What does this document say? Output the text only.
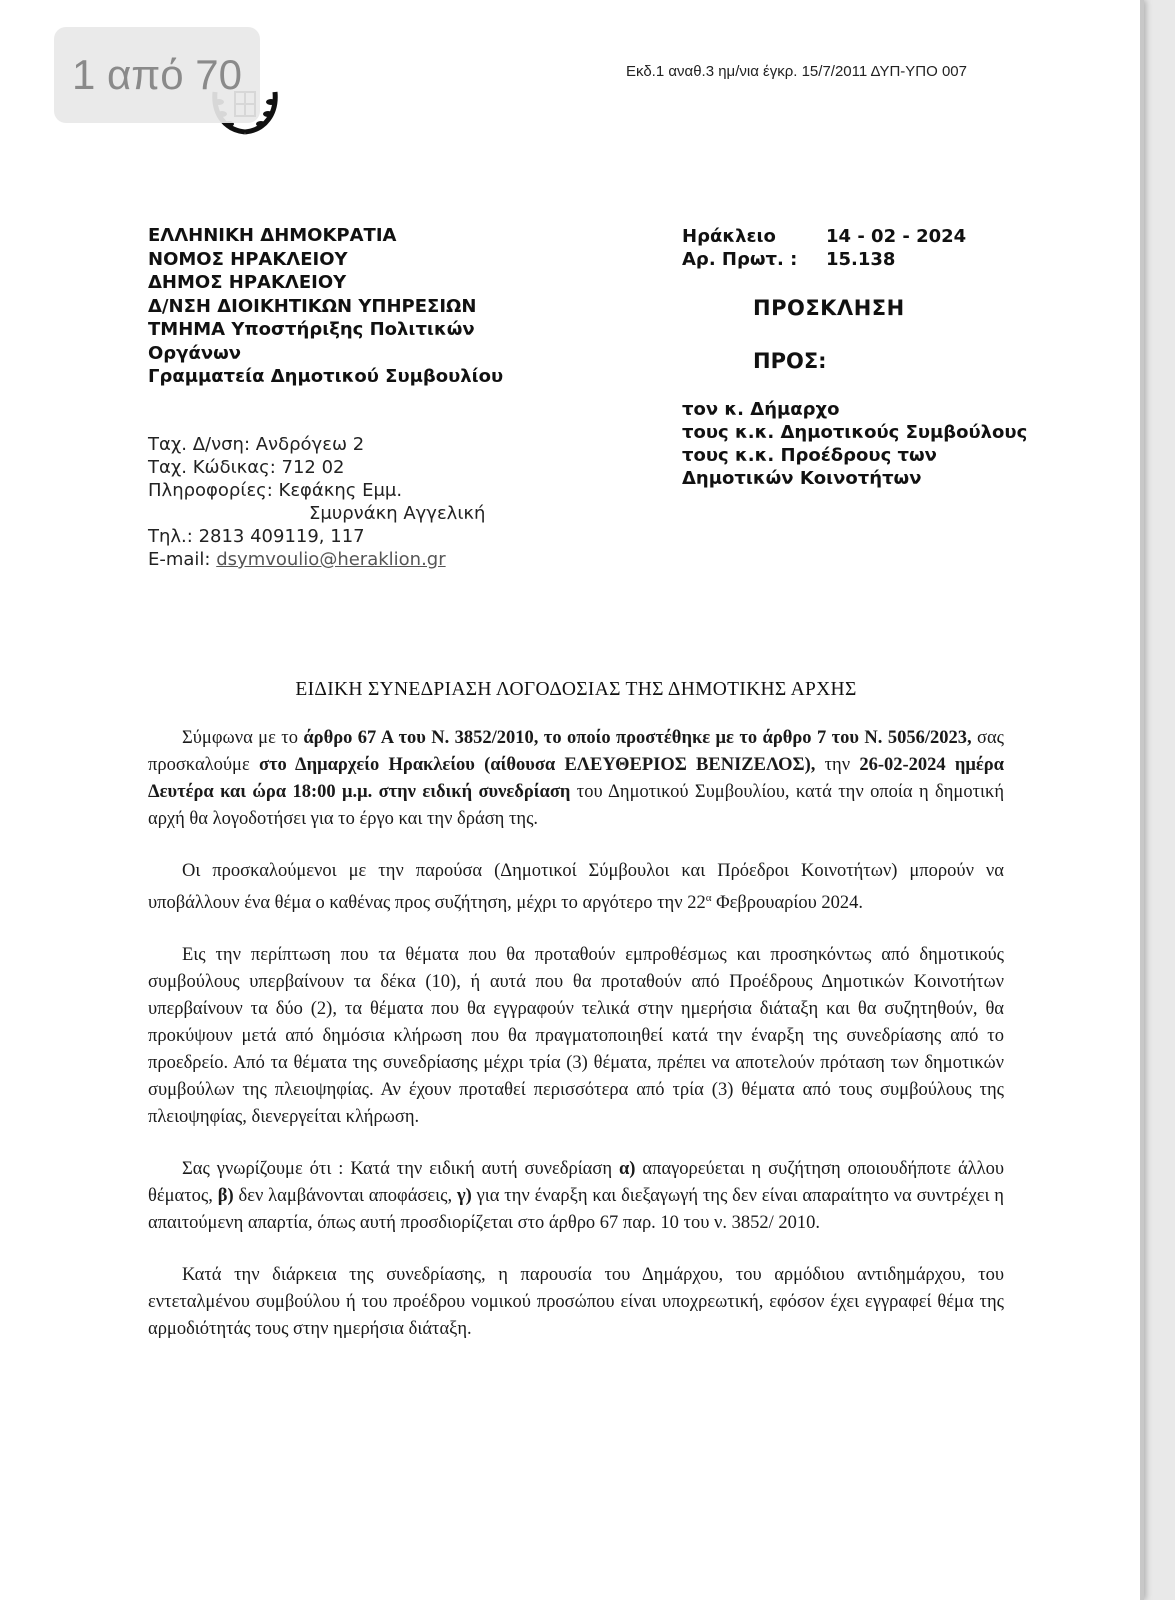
1 από 70	Εκδ.1 αναθ.3 ημ/νια έγκρ. 15/7/2011 ΔΥΠ-ΥΠΟ 007
ΕΛΛΗΝΙΚΗ ΔΗΜΟΚΡΑΤΙΑ
ΝΟΜΟΣ ΗΡΑΚΛΕΙΟΥ
ΔΗΜΟΣ ΗΡΑΚΛΕΙΟΥ
Δ/ΝΣΗ ΔΙΟΙΚΗΤΙΚΩΝ ΥΠΗΡΕΣΙΩΝ
ΤΜΗΜΑ Υποστήριξης Πολιτικών
Οργάνων
Γραμματεία Δημοτικού Συμβουλίου
Ταχ. Δ/νση: Ανδρόγεω 2
Ταχ. Κώδικας: 712 02
Πληροφορίες: Κεφάκης Εμμ.
Σμυρνάκη Αγγελική
Τηλ.: 2813 409119, 117
E-mail: dsymvoulio@heraklion.gr
Ηράκλειο	14 - 02 - 2024
Αρ. Πρωτ. :	15.138
ΠΡΟΣΚΛΗΣΗ
ΠΡΟΣ:
τον κ. Δήμαρχο
τους κ.κ. Δημοτικούς Συμβούλους
τους κ.κ. Προέδρους των
Δημοτικών Κοινοτήτων
ΕΙΔΙΚΗ ΣΥΝΕΔΡΙΑΣΗ ΛΟΓΟΔΟΣΙΑΣ ΤΗΣ ΔΗΜΟΤΙΚΗΣ ΑΡΧΗΣ

Σύμφωνα με το άρθρο 67 Α του Ν. 3852/2010, το οποίο προστέθηκε με το άρθρο 7 του Ν. 5056/2023, σας προσκαλούμε στο Δημαρχείο Ηρακλείου (αίθουσα ΕΛΕΥΘΕΡΙΟΣ ΒΕΝΙΖΕΛΟΣ), την 26-02-2024 ημέρα Δευτέρα και ώρα 18:00 μ.μ. στην ειδική συνεδρίαση του Δημοτικού Συμβουλίου, κατά την οποία η δημοτική αρχή θα λογοδοτήσει για το έργο και την δράση της.

Οι προσκαλούμενοι με την παρούσα (Δημοτικοί Σύμβουλοι και Πρόεδροι Κοινοτήτων) μπορούν να υποβάλλουν ένα θέμα ο καθένας προς συζήτηση, μέχρι το αργότερο την $22^\alpha$ Φεβρουαρίου 2024.

Εις την περίπτωση που τα θέματα που θα προταθούν εμπροθέσμως και προσηκόντως από δημοτικούς συμβούλους υπερβαίνουν τα δέκα (10), ή αυτά που θα προταθούν από Προέδρους Δημοτικών Κοινοτήτων υπερβαίνουν τα δύο (2), τα θέματα που θα εγγραφούν τελικά στην ημερήσια διάταξη και θα συζητηθούν, θα προκύψουν μετά από δημόσια κλήρωση που θα πραγματοποιηθεί κατά την έναρξη της συνεδρίασης από το προεδρείο. Από τα θέματα της συνεδρίασης μέχρι τρία (3) θέματα, πρέπει να αποτελούν πρόταση των δημοτικών συμβούλων της πλειοψηφίας. Αν έχουν προταθεί περισσότερα από τρία (3) θέματα από τους συμβούλους της πλειοψηφίας, διενεργείται κλήρωση.

Σας γνωρίζουμε ότι : Κατά την ειδική αυτή συνεδρίαση α) απαγορεύεται η συζήτηση οποιουδήποτε άλλου θέματος, β) δεν λαμβάνονται αποφάσεις, γ) για την έναρξη και διεξαγωγή της δεν είναι απαραίτητο να συντρέχει η απαιτούμενη απαρτία, όπως αυτή προσδιορίζεται στο άρθρο 67 παρ. 10 του ν. 3852/ 2010.

Κατά την διάρκεια της συνεδρίασης, η παρουσία του Δημάρχου, του αρμόδιου αντιδημάρχου, του εντεταλμένου συμβούλου ή του προέδρου νομικού προσώπου είναι υποχρεωτική, εφόσον έχει εγγραφεί θέμα της αρμοδιότητάς τους στην ημερήσια διάταξη.
